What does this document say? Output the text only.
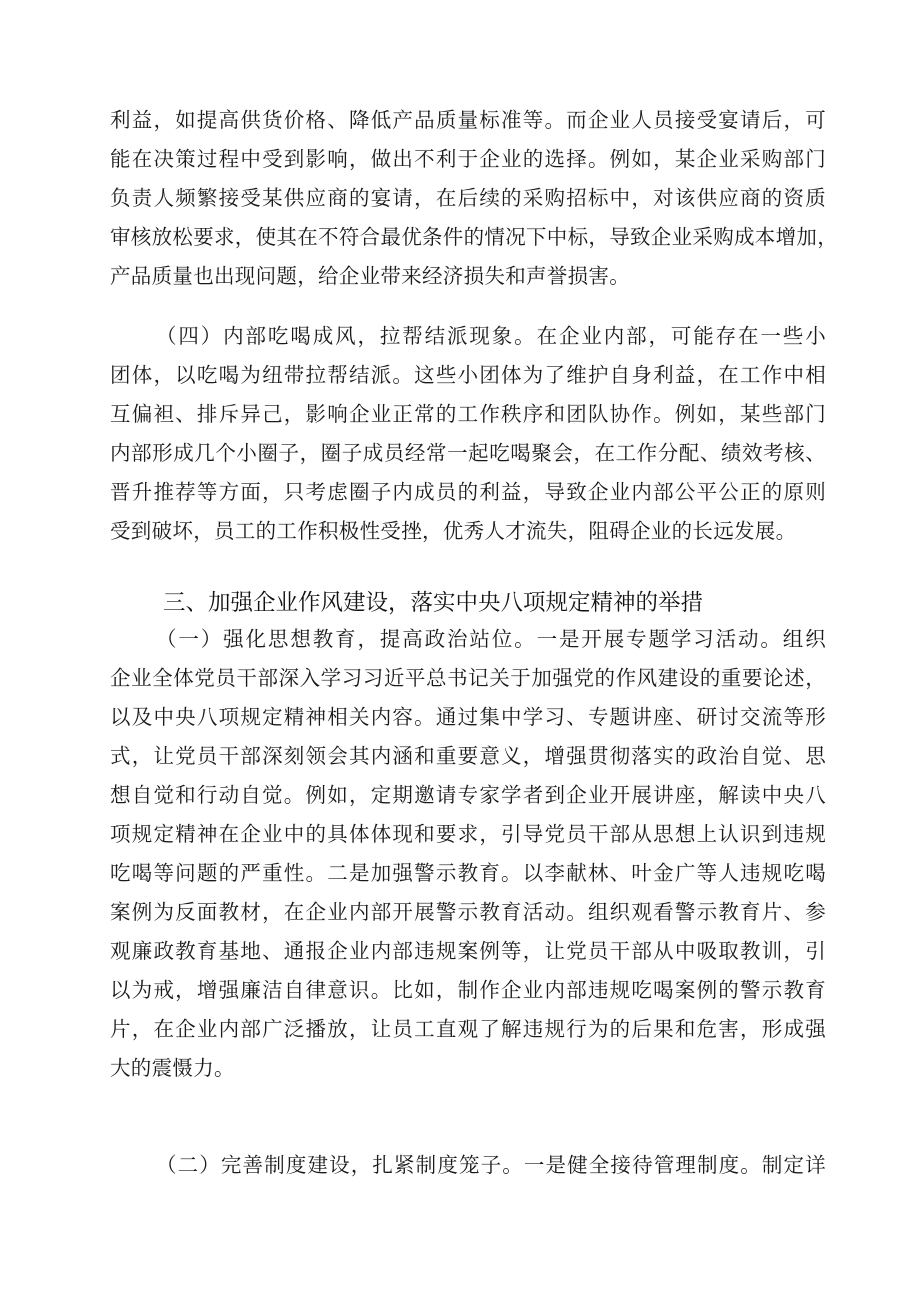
利益，如提高供货价格、降低产品质量标准等。而企业人员接受宴请后，可
能在决策过程中受到影响，做出不利于企业的选择。例如，某企业采购部门
负责人频繁接受某供应商的宴请，在后续的采购招标中，对该供应商的资质
审核放松要求，使其在不符合最优条件的情况下中标，导致企业采购成本增加，
产品质量也出现问题，给企业带来经济损失和声誉损害。
（四）内部吃喝成风，拉帮结派现象。在企业内部，可能存在一些小
团体，以吃喝为纽带拉帮结派。这些小团体为了维护自身利益，在工作中相
互偏袒、排斥异己，影响企业正常的工作秩序和团队协作。例如，某些部门
内部形成几个小圈子，圈子成员经常一起吃喝聚会，在工作分配、绩效考核、
晋升推荐等方面，只考虑圈子内成员的利益，导致企业内部公平公正的原则
受到破坏，员工的工作积极性受挫，优秀人才流失，阻碍企业的长远发展。
三、加强企业作风建设，落实中央八项规定精神的举措
（一）强化思想教育，提高政治站位。一是开展专题学习活动。组织
企业全体党员干部深入学习习近平总书记关于加强党的作风建设的重要论述，
以及中央八项规定精神相关内容。通过集中学习、专题讲座、研讨交流等形
式，让党员干部深刻领会其内涵和重要意义，增强贯彻落实的政治自觉、思
想自觉和行动自觉。例如，定期邀请专家学者到企业开展讲座，解读中央八
项规定精神在企业中的具体体现和要求，引导党员干部从思想上认识到违规
吃喝等问题的严重性。二是加强警示教育。以李献林、叶金广等人违规吃喝
案例为反面教材，在企业内部开展警示教育活动。组织观看警示教育片、参
观廉政教育基地、通报企业内部违规案例等，让党员干部从中吸取教训，引
以为戒，增强廉洁自律意识。比如，制作企业内部违规吃喝案例的警示教育
片，在企业内部广泛播放，让员工直观了解违规行为的后果和危害，形成强
大的震慑力。
（二）完善制度建设，扎紧制度笼子。一是健全接待管理制度。制定详
